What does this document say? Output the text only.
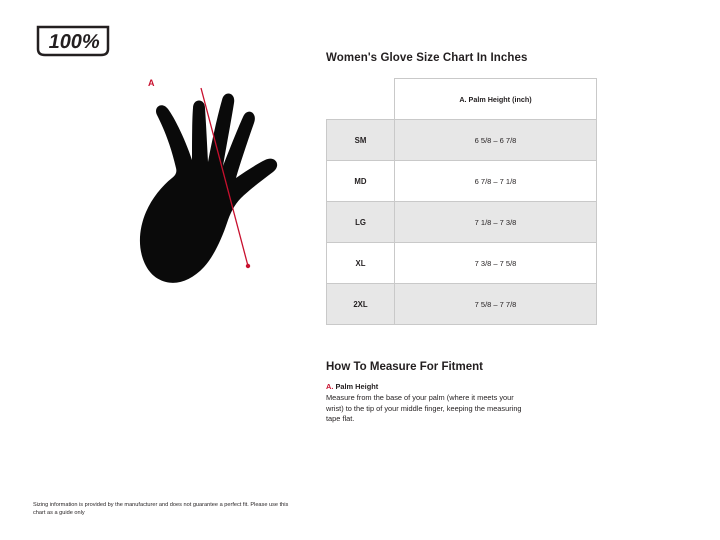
100%
A
Women's Glove Size Chart In Inches
	A. Palm Height (inch)
SM	6 5/8 – 6 7/8
MD	6 7/8 – 7 1/8
LG	7 1/8 – 7 3/8
XL	7 3/8 – 7 5/8
2XL	7 5/8 – 7 7/8
How To Measure For Fitment

A. Palm Height

Measure from the base of your palm (where it meets your wrist) to the tip of your middle finger, keeping the measuring tape flat.

Sizing information is provided by the manufacturer and does not guarantee a perfect fit. Please use this chart as a guide only
